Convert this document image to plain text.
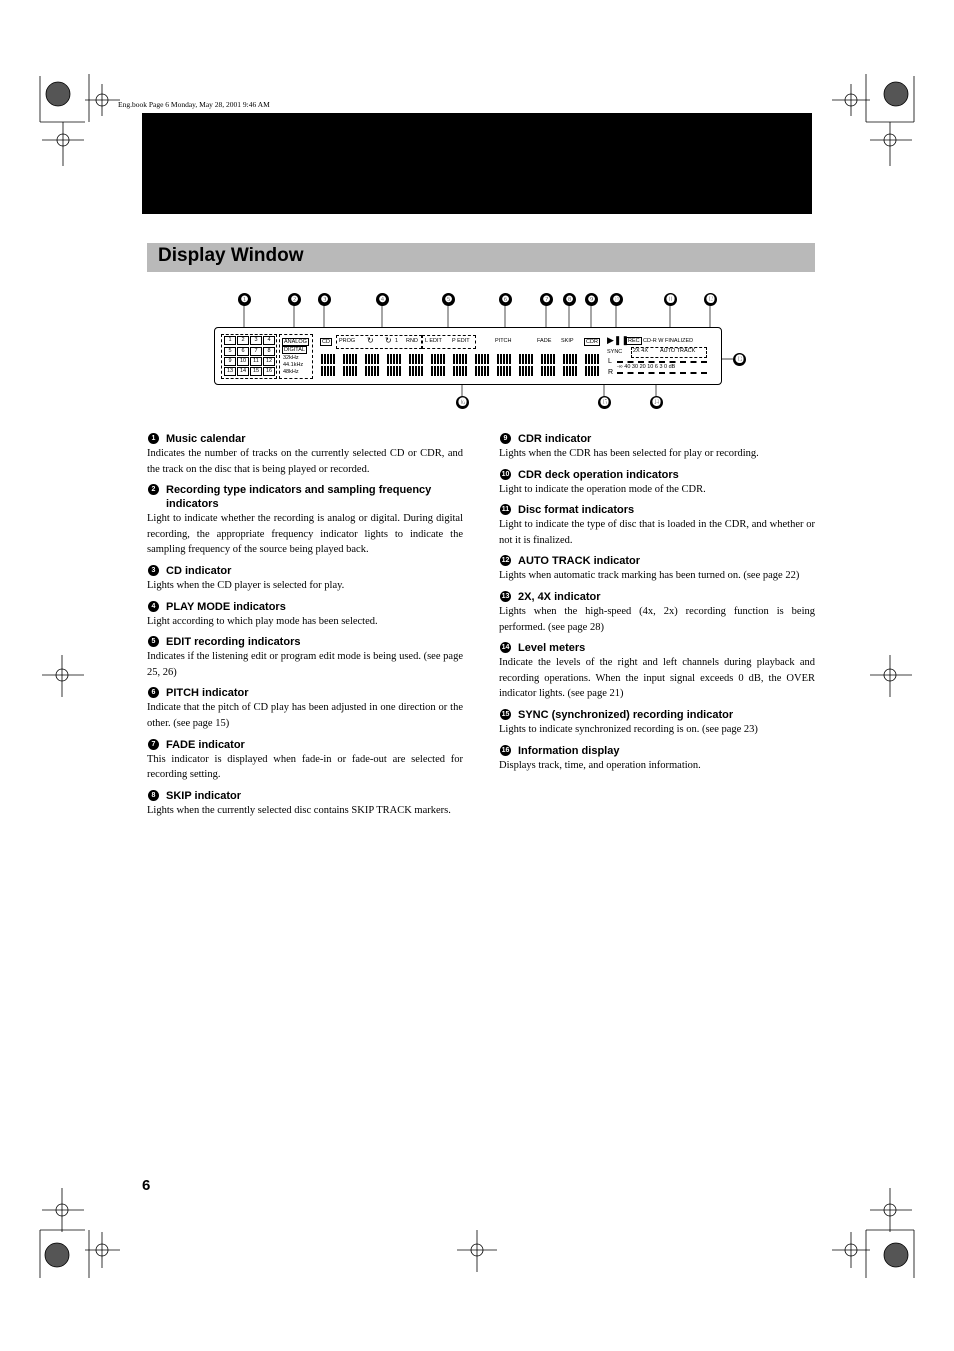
Eng.book Page 6 Monday, May 28, 2001 9:46 AM
Display Window
❶	❷	❸	❹	❺	❻	❼	❽	❾	❿	⓫	⓬
⓭
⓮
⓯
⓰
1	2	3	4
5	6	7	8
9	10	11	12
13	14	15	16
ANALOG
DIGITAL
32kHz
44.1kHz
48kHz
CD	PROG ↻ ↻ 1 RND L EDIT P EDIT	PITCH	FADE SKIP	CDR ▶❚❚
REC CD-R W FINALIZED
SYNC 2X 4X AUTO TRACK
L
R
-∞ 40 30 20 10 6 3 0 dB
1 Music calendar
Indicates the number of tracks on the currently selected CD or CDR, and the track on the disc that is being played or recorded.
2 Recording type indicators and sampling frequency indicators
Light to indicate whether the recording is analog or digital. During digital recording, the appropriate frequency indicator lights to indicate the sampling frequency of the source being played back.
3 CD indicator
Lights when the CD player is selected for play.
4 PLAY MODE indicators
Light according to which play mode has been selected.
5 EDIT recording indicators
Indicates if the listening edit or program edit mode is being used. (see page 25, 26)
6 PITCH indicator
Indicate that the pitch of CD play has been adjusted in one direction or the other. (see page 15)
7 FADE indicator
This indicator is displayed when fade-in or fade-out are selected for recording setting.
8 SKIP indicator
Lights when the currently selected disc contains SKIP TRACK markers.
9 CDR indicator
Lights when the CDR has been selected for play or recording.
10 CDR deck operation indicators
Light to indicate the operation mode of the CDR.
11 Disc format indicators
Light to indicate the type of disc that is loaded in the CDR, and whether or not it is finalized.
12 AUTO TRACK indicator
Lights when automatic track marking has been turned on. (see page 22)
13 2X, 4X indicator
Lights when the high-speed (4x, 2x) recording function is being performed. (see page 28)
14 Level meters
Indicate the levels of the right and left channels during playback and recording operations. When the input signal exceeds 0 dB, the OVER indicator lights. (see page 21)
15 SYNC (synchronized) recording indicator
Lights to indicate synchronized recording is on. (see page 23)
16 Information display
Displays track, time, and operation information.
6
